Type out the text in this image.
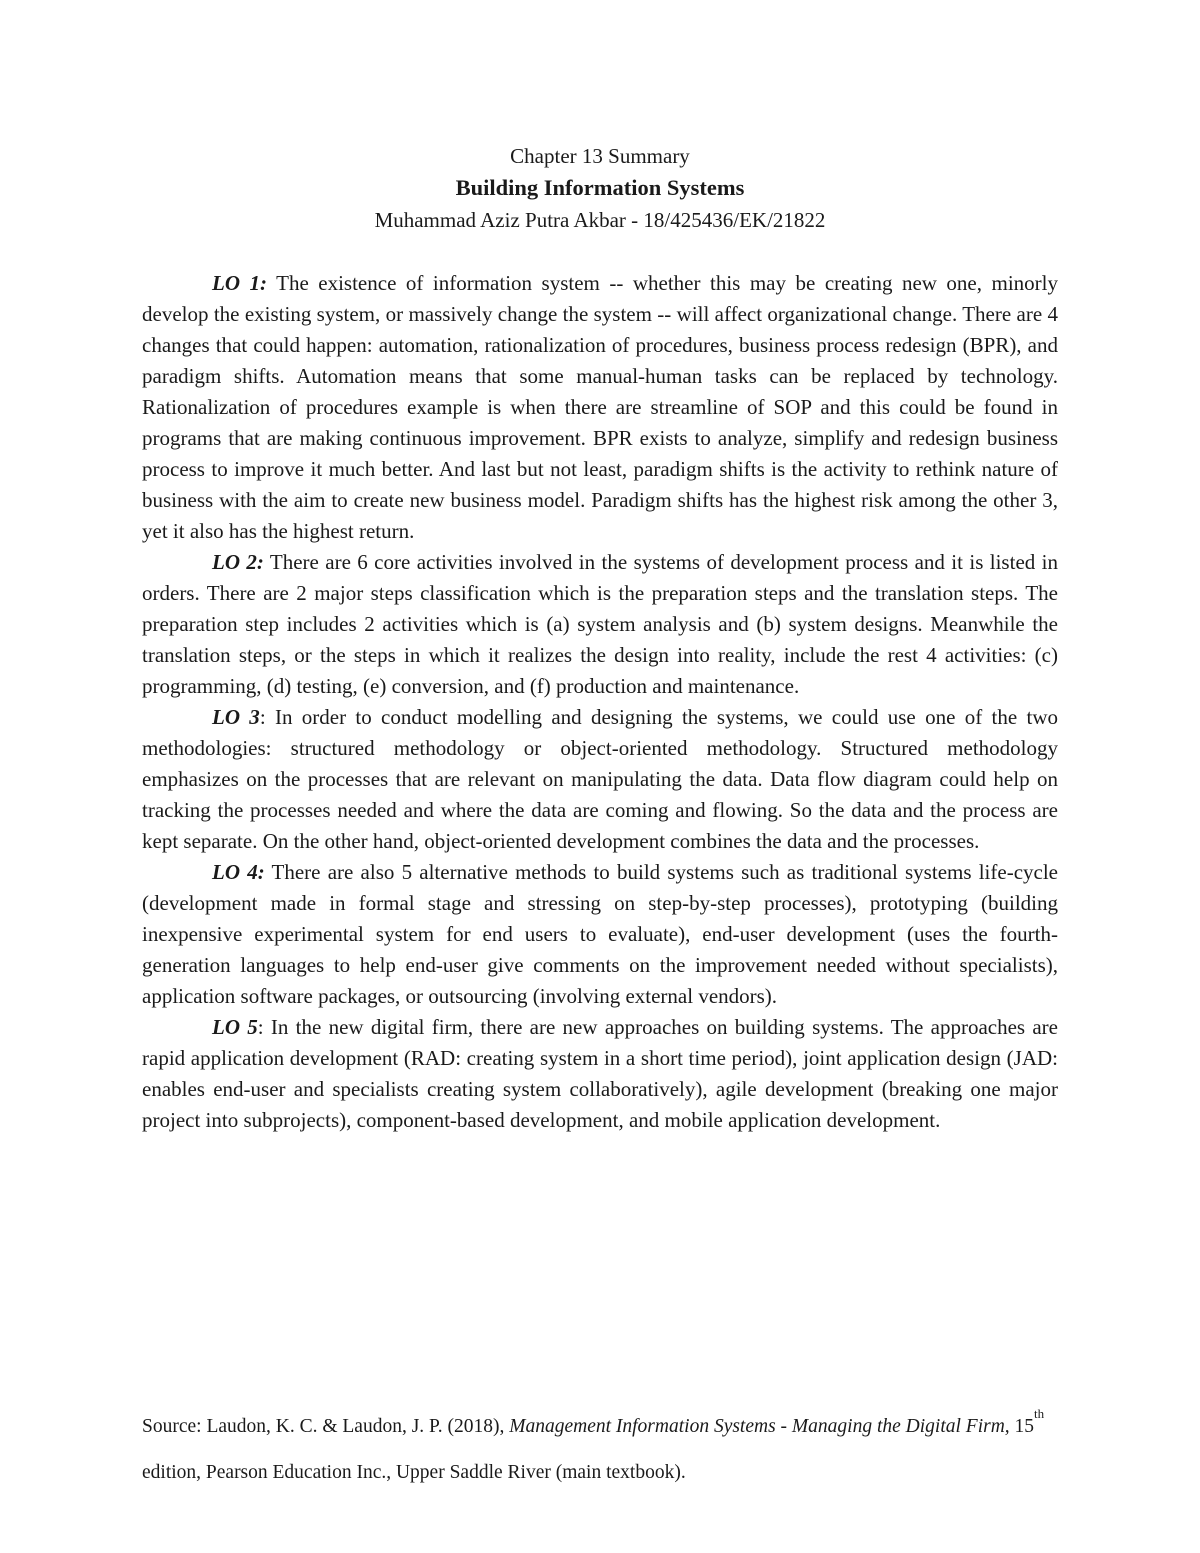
Chapter 13 Summary

Building Information Systems

Muhammad Aziz Putra Akbar - 18/425436/EK/21822

LO 1: The existence of information system -- whether this may be creating new one, minorly develop the existing system, or massively change the system -- will affect organizational change. There are 4 changes that could happen: automation, rationalization of procedures, business process redesign (BPR), and paradigm shifts. Automation means that some manual-human tasks can be replaced by technology. Rationalization of procedures example is when there are streamline of SOP and this could be found in programs that are making continuous improvement. BPR exists to analyze, simplify and redesign business process to improve it much better. And last but not least, paradigm shifts is the activity to rethink nature of business with the aim to create new business model. Paradigm shifts has the highest risk among the other 3, yet it also has the highest return.

LO 2: There are 6 core activities involved in the systems of development process and it is listed in orders. There are 2 major steps classification which is the preparation steps and the translation steps. The preparation step includes 2 activities which is (a) system analysis and (b) system designs. Meanwhile the translation steps, or the steps in which it realizes the design into reality, include the rest 4 activities: (c) programming, (d) testing, (e) conversion, and (f) production and maintenance.

LO 3: In order to conduct modelling and designing the systems, we could use one of the two methodologies: structured methodology or object-oriented methodology. Structured methodology emphasizes on the processes that are relevant on manipulating the data. Data flow diagram could help on tracking the processes needed and where the data are coming and flowing. So the data and the process are kept separate. On the other hand, object-oriented development combines the data and the processes.

LO 4: There are also 5 alternative methods to build systems such as traditional systems life-cycle (development made in formal stage and stressing on step-by-step processes), prototyping (building inexpensive experimental system for end users to evaluate), end-user development (uses the fourth-generation languages to help end-user give comments on the improvement needed without specialists), application software packages, or outsourcing (involving external vendors).

LO 5: In the new digital firm, there are new approaches on building systems. The approaches are rapid application development (RAD: creating system in a short time period), joint application design (JAD: enables end-user and specialists creating system collaboratively), agile development (breaking one major project into subprojects), component-based development, and mobile application development.

Source: Laudon, K. C. & Laudon, J. P. (2018), Management Information Systems - Managing the Digital Firm, 15th edition, Pearson Education Inc., Upper Saddle River (main textbook).
